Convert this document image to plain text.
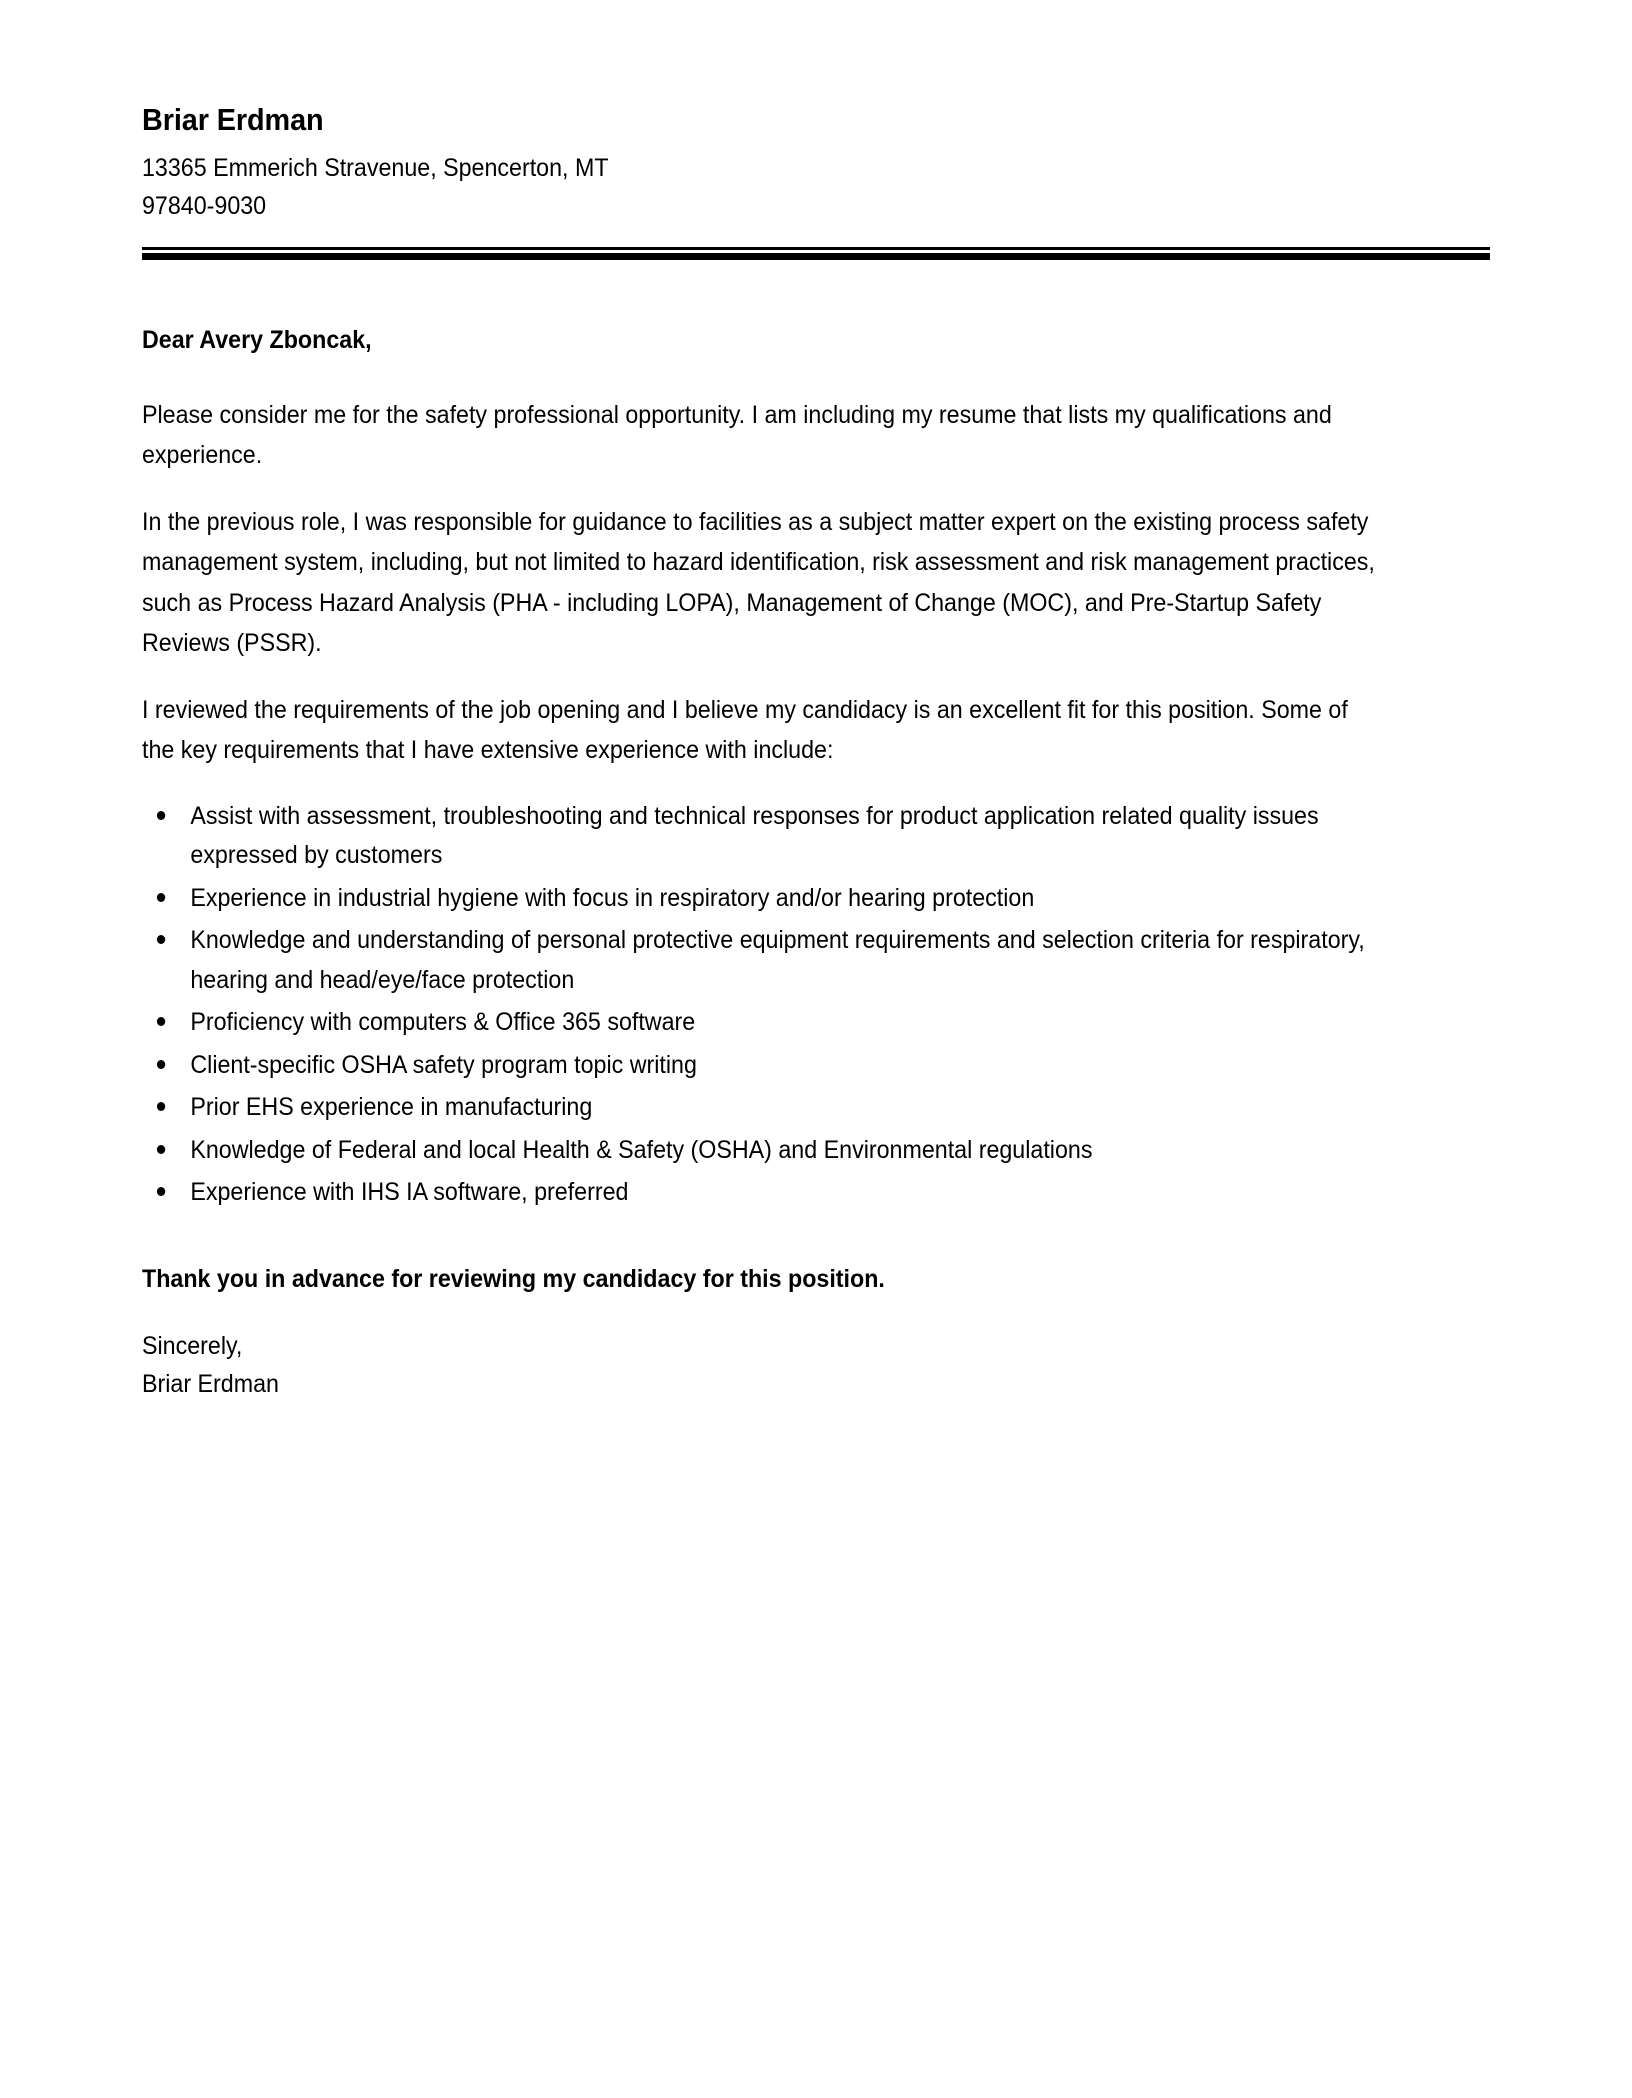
Briar Erdman

13365 Emmerich Stravenue, Spencerton, MT

97840-9030

Dear Avery Zboncak,

Please consider me for the safety professional opportunity. I am including my resume that lists my qualifications and experience.

In the previous role, I was responsible for guidance to facilities as a subject matter expert on the existing process safety management system, including, but not limited to hazard identification, risk assessment and risk management practices, such as Process Hazard Analysis (PHA - including LOPA), Management of Change (MOC), and Pre-Startup Safety Reviews (PSSR).

I reviewed the requirements of the job opening and I believe my candidacy is an excellent fit for this position. Some of the key requirements that I have extensive experience with include:

Assist with assessment, troubleshooting and technical responses for product application related quality issues expressed by customers
Experience in industrial hygiene with focus in respiratory and/or hearing protection
Knowledge and understanding of personal protective equipment requirements and selection criteria for respiratory, hearing and head/eye/face protection
Proficiency with computers & Office 365 software
Client-specific OSHA safety program topic writing
Prior EHS experience in manufacturing
Knowledge of Federal and local Health & Safety (OSHA) and Environmental regulations
Experience with IHS IA software, preferred

Thank you in advance for reviewing my candidacy for this position.

Sincerely,

Briar Erdman
